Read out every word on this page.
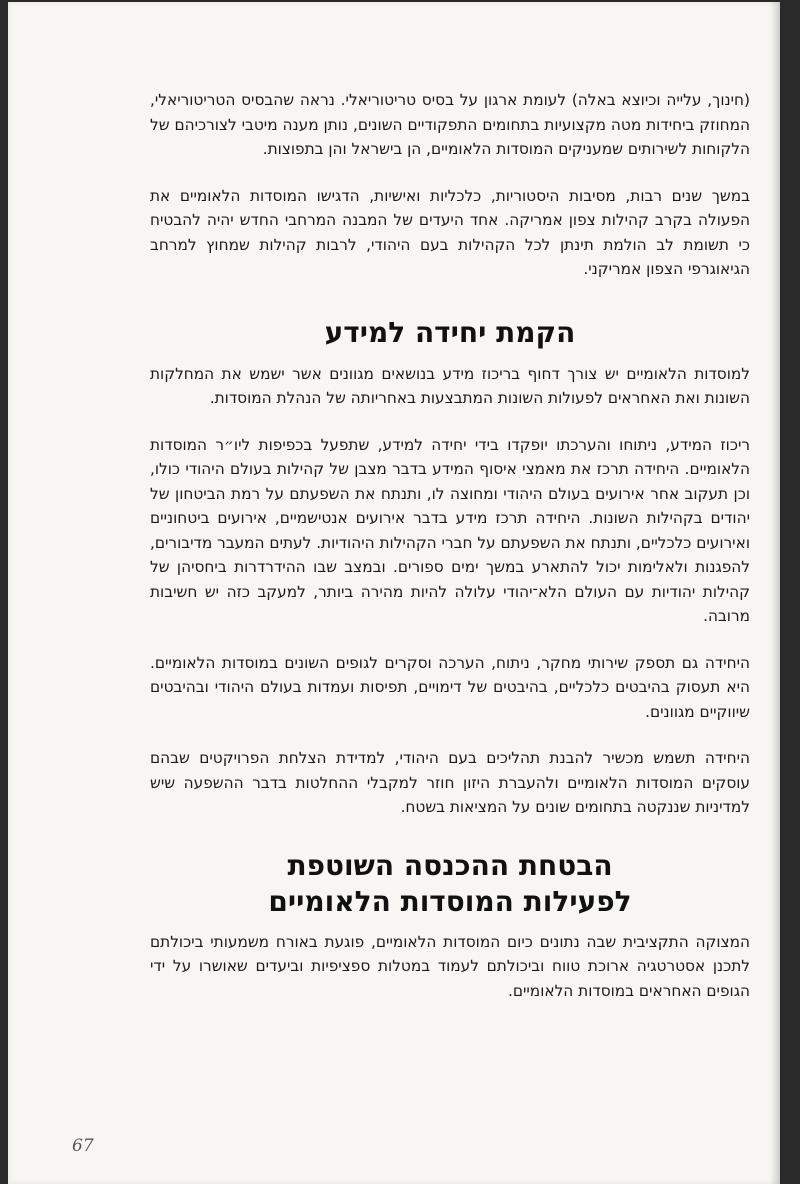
(חינוך, עלייה וכיוצא באלה) לעומת ארגון על בסיס טריטוריאלי. נראה שהבסיס הטריטוריאלי, המחוזק ביחידות מטה מקצועיות בתחומים התפקודיים השונים, נותן מענה מיטבי לצורכיהם של הלקוחות לשירותים שמעניקים המוסדות הלאומיים, הן בישראל והן בתפוצות.

במשך שנים רבות, מסיבות היסטוריות, כלכליות ואישיות, הדגישו המוסדות הלאומיים את הפעולה בקרב קהילות צפון אמריקה. אחד היעדים של המבנה המרחבי החדש יהיה להבטיח כי תשומת לב הולמת תינתן לכל הקהילות בעם היהודי, לרבות קהילות שמחוץ למרחב הגיאוגרפי הצפון אמריקני.

הקמת יחידה למידע

למוסדות הלאומיים יש צורך דחוף בריכוז מידע בנושאים מגוונים אשר ישמש את המחלקות השונות ואת האחראים לפעולות השונות המתבצעות באחריותה של הנהלת המוסדות.

ריכוז המידע, ניתוחו והערכתו יופקדו בידי יחידה למידע, שתפעל בכפיפות ליו״ר המוסדות הלאומיים. היחידה תרכז את מאמצי איסוף המידע בדבר מצבן של קהילות בעולם היהודי כולו, וכן תעקוב אחר אירועים בעולם היהודי ומחוצה לו, ותנתח את השפעתם על רמת הביטחון של יהודים בקהילות השונות. היחידה תרכז מידע בדבר אירועים אנטישמיים, אירועים ביטחוניים ואירועים כלכליים, ותנתח את השפעתם על חברי הקהילות היהודיות. לעתים המעבר מדיבורים, להפגנות ולאלימות יכול להתארע במשך ימים ספורים. ובמצב שבו ההידרדרות ביחסיהן של קהילות יהודיות עם העולם הלא־יהודי עלולה להיות מהירה ביותר, למעקב כזה יש חשיבות מרובה.

היחידה גם תספק שירותי מחקר, ניתוח, הערכה וסקרים לגופים השונים במוסדות הלאומיים. היא תעסוק בהיבטים כלכליים, בהיבטים של דימויים, תפיסות ועמדות בעולם היהודי ובהיבטים שיווקיים מגוונים.

היחידה תשמש מכשיר להבנת תהליכים בעם היהודי, למדידת הצלחת הפרויקטים שבהם עוסקים המוסדות הלאומיים ולהעברת היזון חוזר למקבלי ההחלטות בדבר ההשפעה שיש למדיניות שננקטה בתחומים שונים על המציאות בשטח.

הבטחת ההכנסה השוטפת
לפעילות המוסדות הלאומיים

המצוקה התקציבית שבה נתונים כיום המוסדות הלאומיים, פוגעת באורח משמעותי ביכולתם לתכנן אסטרטגיה ארוכת טווח וביכולתם לעמוד במטלות ספציפיות וביעדים שאושרו על ידי הגופים האחראים במוסדות הלאומיים.

67
